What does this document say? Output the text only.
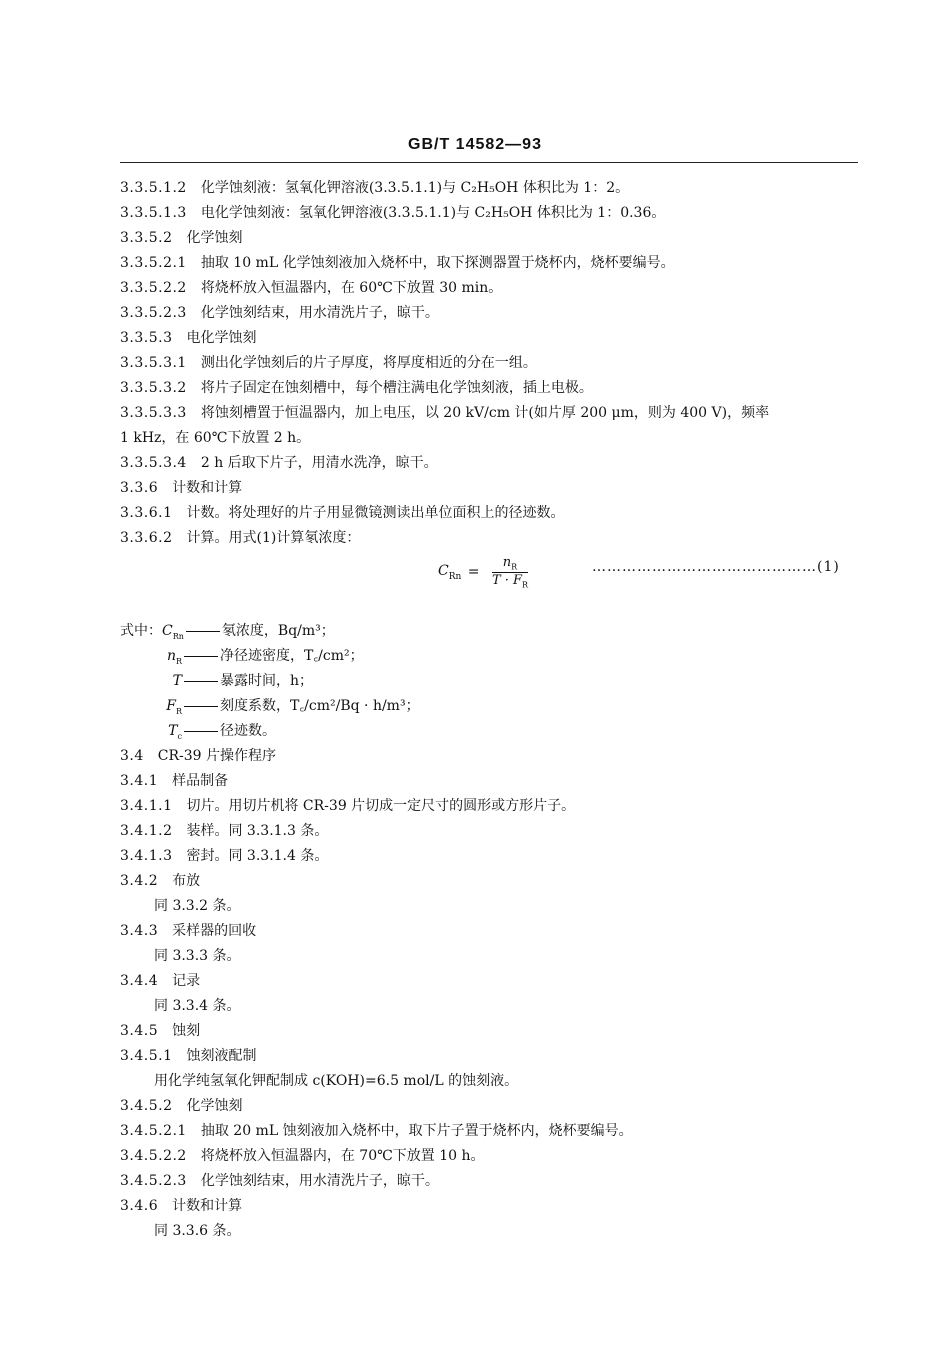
GB/T 14582—93
3.3.5.1.2 化学蚀刻液：氢氧化钾溶液(3.3.5.1.1)与 C₂H₅OH 体积比为 1：2。
3.3.5.1.3 电化学蚀刻液：氢氧化钾溶液(3.3.5.1.1)与 C₂H₅OH 体积比为 1：0.36。
3.3.5.2 化学蚀刻
3.3.5.2.1 抽取 10 mL 化学蚀刻液加入烧杯中，取下探测器置于烧杯内，烧杯要编号。
3.3.5.2.2 将烧杯放入恒温器内，在 60℃下放置 30 min。
3.3.5.2.3 化学蚀刻结束，用水清洗片子，晾干。
3.3.5.3 电化学蚀刻
3.3.5.3.1 测出化学蚀刻后的片子厚度，将厚度相近的分在一组。
3.3.5.3.2 将片子固定在蚀刻槽中，每个槽注满电化学蚀刻液，插上电极。
3.3.5.3.3 将蚀刻槽置于恒温器内，加上电压，以 20 kV/cm 计(如片厚 200 μm，则为 400 V)，频率
1 kHz，在 60℃下放置 2 h。
3.3.5.3.4 2 h 后取下片子，用清水洗净，晾干。
3.3.6 计数和计算
3.3.6.1 计数。将处理好的片子用显微镜测读出单位面积上的径迹数。
3.3.6.2 计算。用式(1)计算氡浓度：
$C_{Rn} = \frac{n_R}{T \cdot F_R}$	………………………………………(1)
式中：$C_{Rn}$	氡浓度，Bq/m³；
$n_R$	净径迹密度，T꜀/cm²；
T	暴露时间，h；
$F_R$	刻度系数，T꜀/cm²/Bq · h/m³；
$T_c$	径迹数。
3.4 CR-39 片操作程序
3.4.1 样品制备
3.4.1.1 切片。用切片机将 CR-39 片切成一定尺寸的圆形或方形片子。
3.4.1.2 装样。同 3.3.1.3 条。
3.4.1.3 密封。同 3.3.1.4 条。
3.4.2 布放
同 3.3.2 条。
3.4.3 采样器的回收
同 3.3.3 条。
3.4.4 记录
同 3.3.4 条。
3.4.5 蚀刻
3.4.5.1 蚀刻液配制
用化学纯氢氧化钾配制成 c(KOH)=6.5 mol/L 的蚀刻液。
3.4.5.2 化学蚀刻
3.4.5.2.1 抽取 20 mL 蚀刻液加入烧杯中，取下片子置于烧杯内，烧杯要编号。
3.4.5.2.2 将烧杯放入恒温器内，在 70℃下放置 10 h。
3.4.5.2.3 化学蚀刻结束，用水清洗片子，晾干。
3.4.6 计数和计算
同 3.3.6 条。
